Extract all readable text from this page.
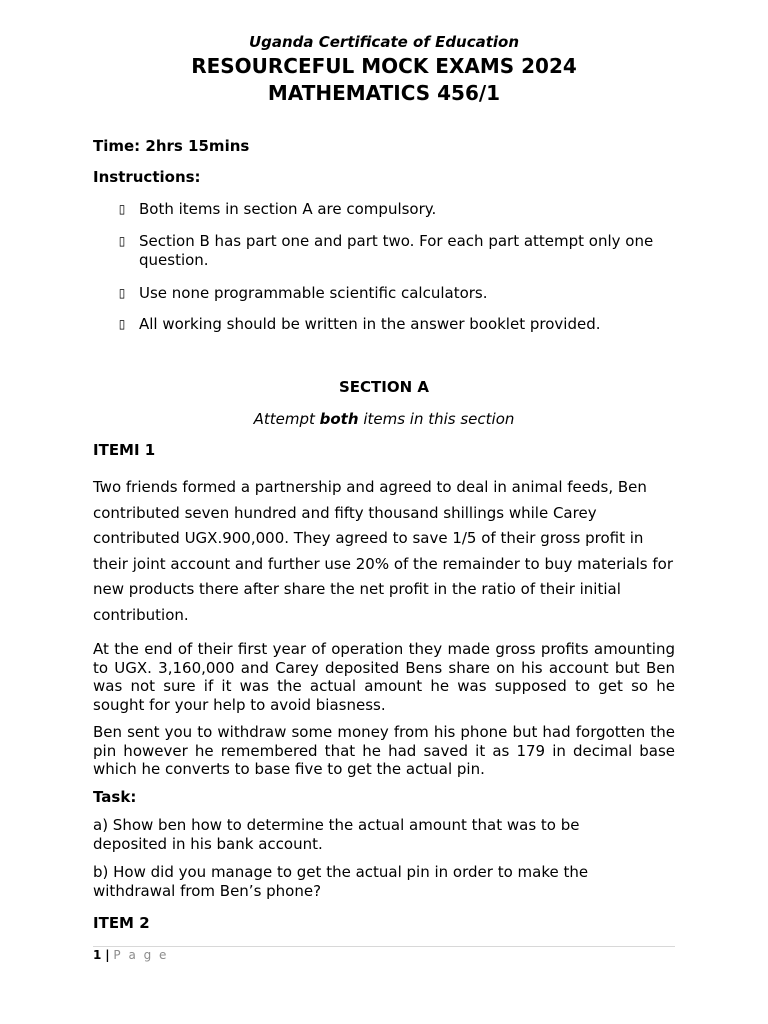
Uganda Certificate of Education
RESOURCEFUL MOCK EXAMS 2024
MATHEMATICS 456/1
Time: 2hrs 15mins
Instructions:
▯ Both items in section A are compulsory.
▯ Section B has part one and part two. For each part attempt only one question.
▯ Use none programmable scientific calculators.
▯ All working should be written in the answer booklet provided.
SECTION A
Attempt both items in this section
ITEMI 1
Two friends formed a partnership and agreed to deal in animal feeds, Ben contributed seven hundred and fifty thousand shillings while Carey contributed UGX.900,000. They agreed to save 1/5 of their gross profit in their joint account and further use 20% of the remainder to buy materials for new products there after share the net profit in the ratio of their initial contribution.
At the end of their first year of operation they made gross profits amounting to UGX. 3,160,000 and Carey deposited Bens share on his account but Ben was not sure if it was the actual amount he was supposed to get so he sought for your help to avoid biasness.
Ben sent you to withdraw some money from his phone but had forgotten the pin however he remembered that he had saved it as 179 in decimal base which he converts to base five to get the actual pin.
Task:
a) Show ben how to determine the actual amount that was to be deposited in his bank account.
b) How did you manage to get the actual pin in order to make the withdrawal from Ben’s phone?
ITEM 2
1 | P a g e
